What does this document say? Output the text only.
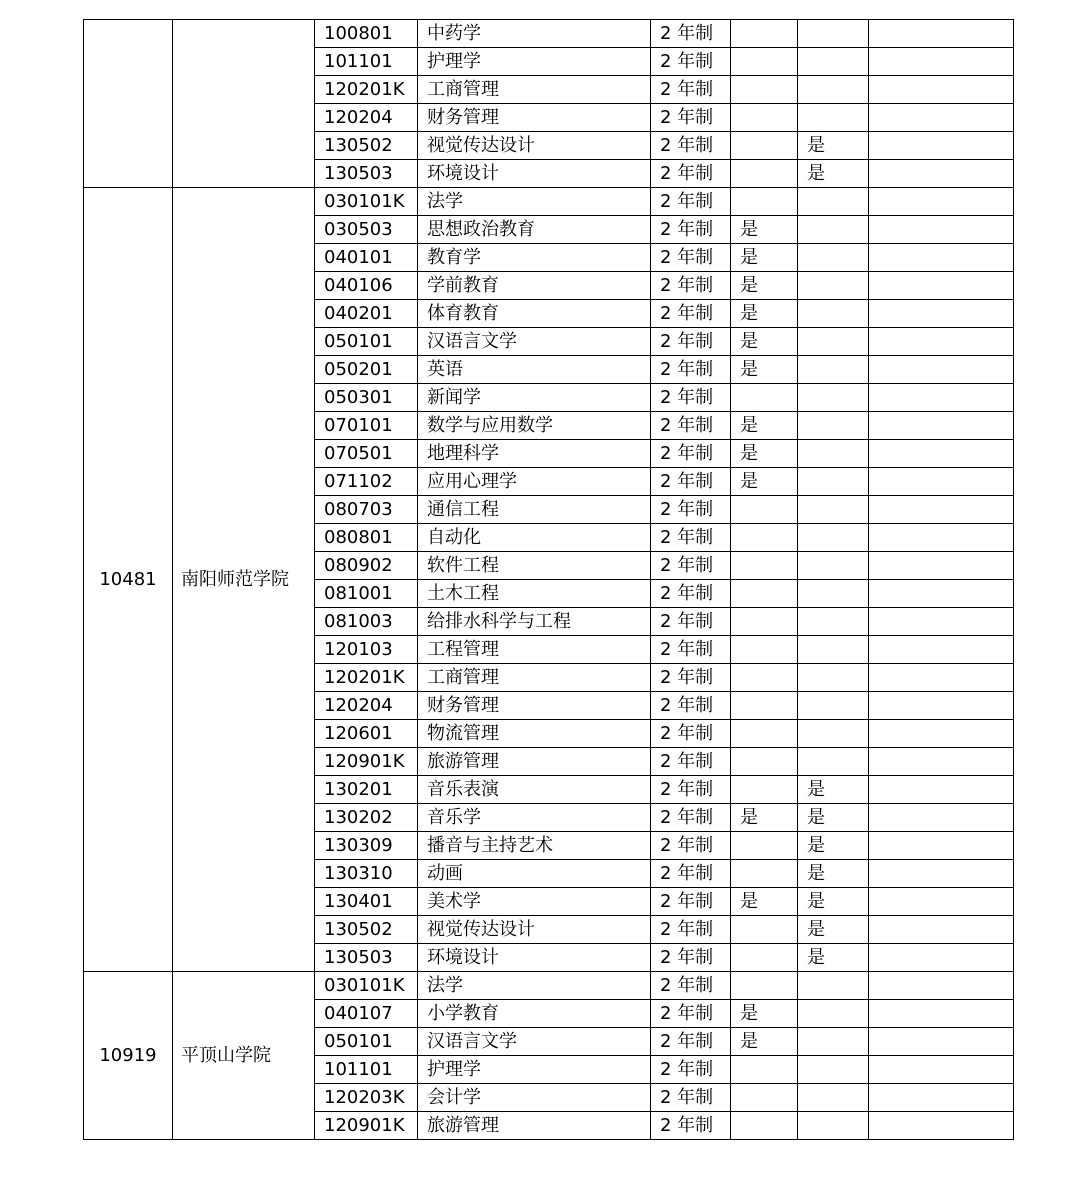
		100801	中药学	2 年制			
		101101	护理学	2 年制			
		120201K	工商管理	2 年制			
		120204	财务管理	2 年制			
		130502	视觉传达设计	2 年制		是	
		130503	环境设计	2 年制		是	
10481	南阳师范学院	030101K	法学	2 年制			
		030503	思想政治教育	2 年制	是		
		040101	教育学	2 年制	是		
		040106	学前教育	2 年制	是		
		040201	体育教育	2 年制	是		
		050101	汉语言文学	2 年制	是		
		050201	英语	2 年制	是		
		050301	新闻学	2 年制			
		070101	数学与应用数学	2 年制	是		
		070501	地理科学	2 年制	是		
		071102	应用心理学	2 年制	是		
		080703	通信工程	2 年制			
		080801	自动化	2 年制			
		080902	软件工程	2 年制			
		081001	土木工程	2 年制			
		081003	给排水科学与工程	2 年制			
		120103	工程管理	2 年制			
		120201K	工商管理	2 年制			
		120204	财务管理	2 年制			
		120601	物流管理	2 年制			
		120901K	旅游管理	2 年制			
		130201	音乐表演	2 年制		是	
		130202	音乐学	2 年制	是	是	
		130309	播音与主持艺术	2 年制		是	
		130310	动画	2 年制		是	
		130401	美术学	2 年制	是	是	
		130502	视觉传达设计	2 年制		是	
		130503	环境设计	2 年制		是	
10919	平顶山学院	030101K	法学	2 年制			
		040107	小学教育	2 年制	是		
		050101	汉语言文学	2 年制	是		
		101101	护理学	2 年制			
		120203K	会计学	2 年制			
		120901K	旅游管理	2 年制			
